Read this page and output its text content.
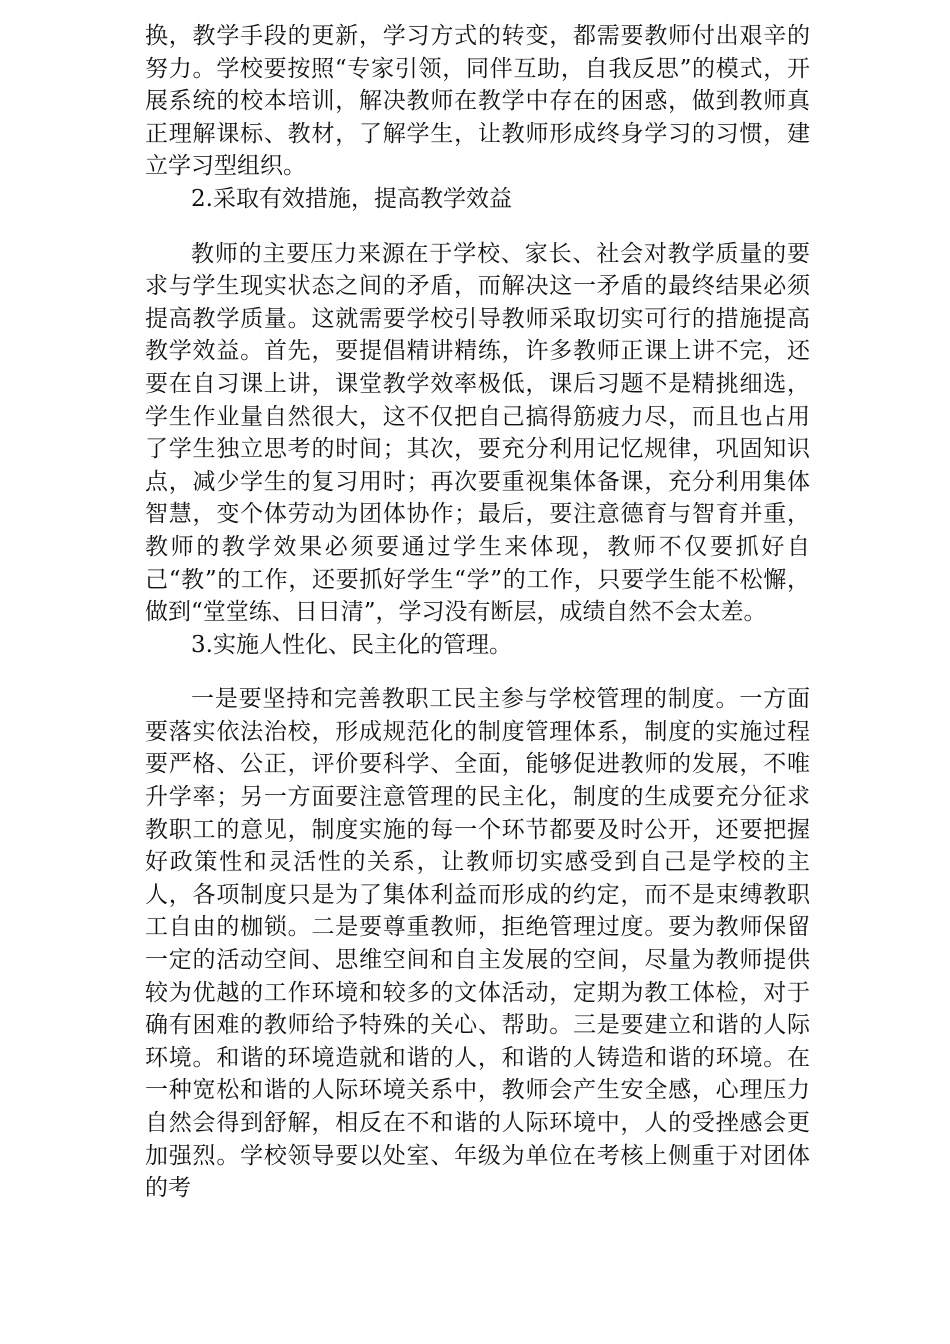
换，教学手段的更新，学习方式的转变，都需要教师付出艰辛的努力。学校要按照“专家引领，同伴互助，自我反思”的模式，开展系统的校本培训，解决教师在教学中存在的困惑，做到教师真正理解课标、教材，了解学生，让教师形成终身学习的习惯，建立学习型组织。

2.采取有效措施，提高教学效益

教师的主要压力来源在于学校、家长、社会对教学质量的要求与学生现实状态之间的矛盾，而解决这一矛盾的最终结果必须提高教学质量。这就需要学校引导教师采取切实可行的措施提高教学效益。首先，要提倡精讲精练，许多教师正课上讲不完，还要在自习课上讲，课堂教学效率极低，课后习题不是精挑细选，学生作业量自然很大，这不仅把自己搞得筋疲力尽，而且也占用了学生独立思考的时间；其次，要充分利用记忆规律，巩固知识点，减少学生的复习用时；再次要重视集体备课，充分利用集体智慧，变个体劳动为团体协作；最后，要注意德育与智育并重，教师的教学效果必须要通过学生来体现，教师不仅要抓好自己“教”的工作，还要抓好学生“学”的工作，只要学生能不松懈，做到“堂堂练、日日清”，学习没有断层，成绩自然不会太差。

3.实施人性化、民主化的管理。

一是要坚持和完善教职工民主参与学校管理的制度。一方面要落实依法治校，形成规范化的制度管理体系，制度的实施过程要严格、公正，评价要科学、全面，能够促进教师的发展，不唯升学率；另一方面要注意管理的民主化，制度的生成要充分征求教职工的意见，制度实施的每一个环节都要及时公开，还要把握好政策性和灵活性的关系，让教师切实感受到自己是学校的主人，各项制度只是为了集体利益而形成的约定，而不是束缚教职工自由的枷锁。二是要尊重教师，拒绝管理过度。要为教师保留一定的活动空间、思维空间和自主发展的空间，尽量为教师提供较为优越的工作环境和较多的文体活动，定期为教工体检，对于确有困难的教师给予特殊的关心、帮助。三是要建立和谐的人际环境。和谐的环境造就和谐的人，和谐的人铸造和谐的环境。在一种宽松和谐的人际环境关系中，教师会产生安全感，心理压力自然会得到舒解，相反在不和谐的人际环境中，人的受挫感会更加强烈。学校领导要以处室、年级为单位在考核上侧重于对团体的考
